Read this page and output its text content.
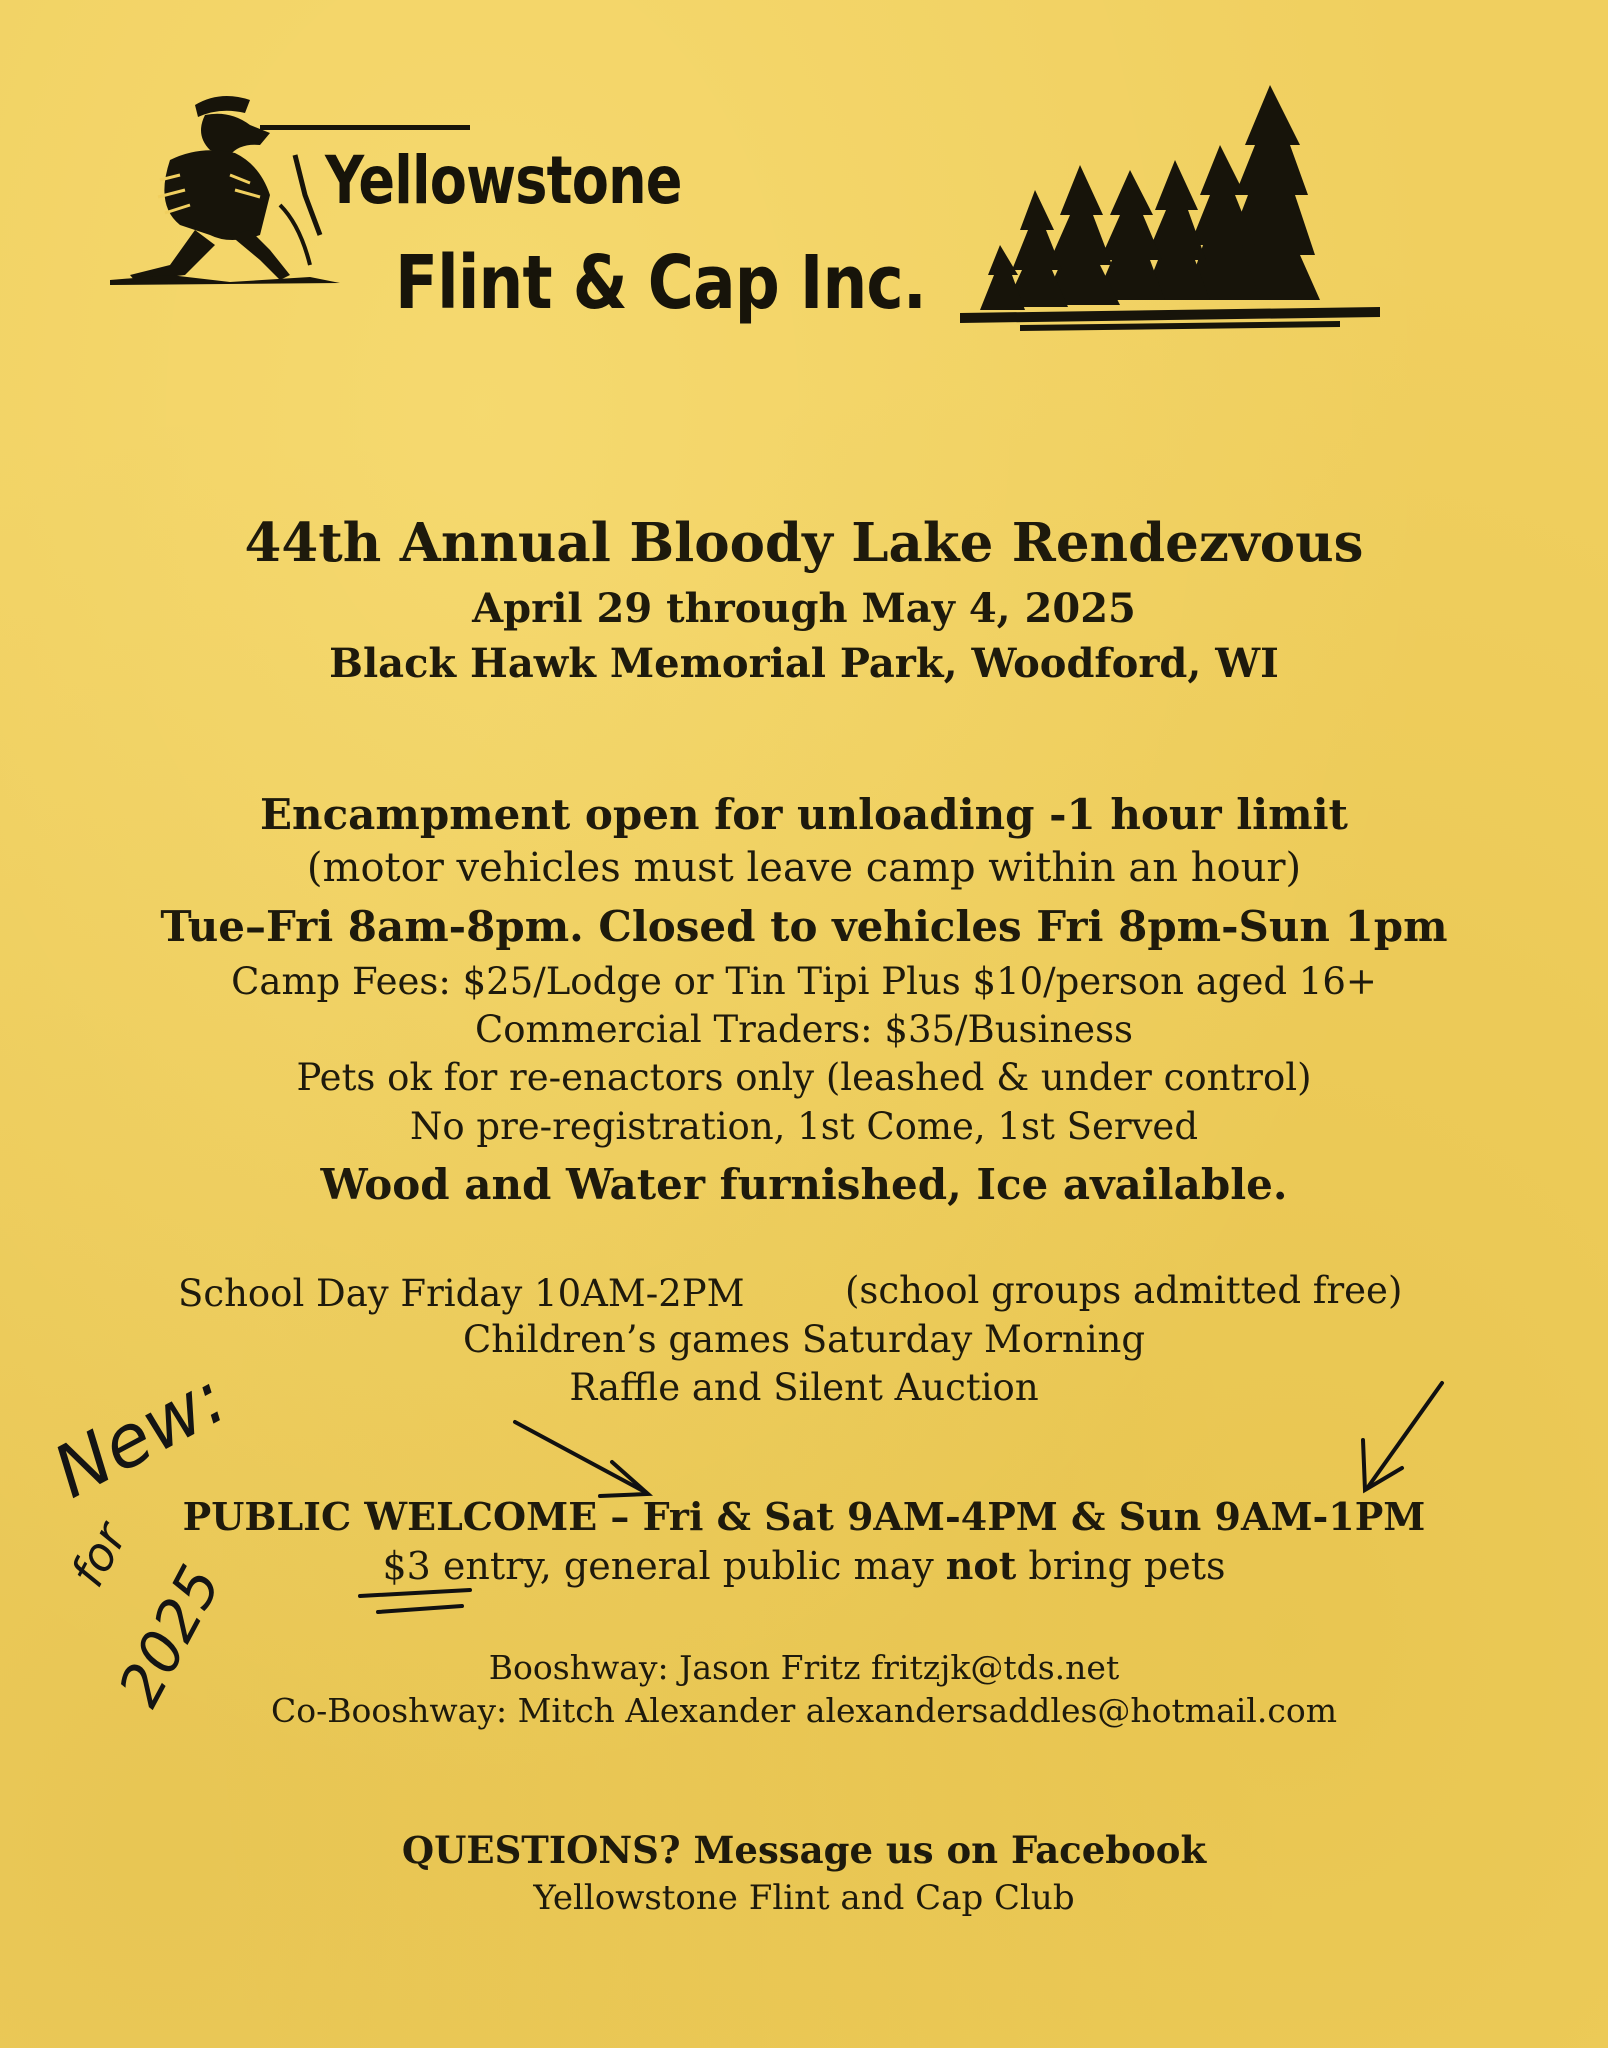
Yellowstone
Flint & Cap Inc.
44th Annual Bloody Lake Rendezvous
April 29 through May 4, 2025
Black Hawk Memorial Park, Woodford, WI
Encampment open for unloading -1 hour limit
(motor vehicles must leave camp within an hour)
Tue–Fri 8am-8pm. Closed to vehicles Fri 8pm-Sun 1pm
Camp Fees: $25/Lodge or Tin Tipi Plus $10/person aged 16+
Commercial Traders: $35/Business
Pets ok for re-enactors only (leashed & under control)
No pre-registration, 1st Come, 1st Served
Wood and Water furnished, Ice available.
School Day Friday 10AM-2PM	(school groups admitted free)
Children’s games Saturday Morning
Raffle and Silent Auction
New:
for
2025
PUBLIC WELCOME – Fri & Sat 9AM-4PM & Sun 9AM-1PM
$3 entry, general public may not bring pets
Booshway: Jason Fritz fritzjk@tds.net
Co-Booshway: Mitch Alexander alexandersaddles@hotmail.com
QUESTIONS? Message us on Facebook
Yellowstone Flint and Cap Club
